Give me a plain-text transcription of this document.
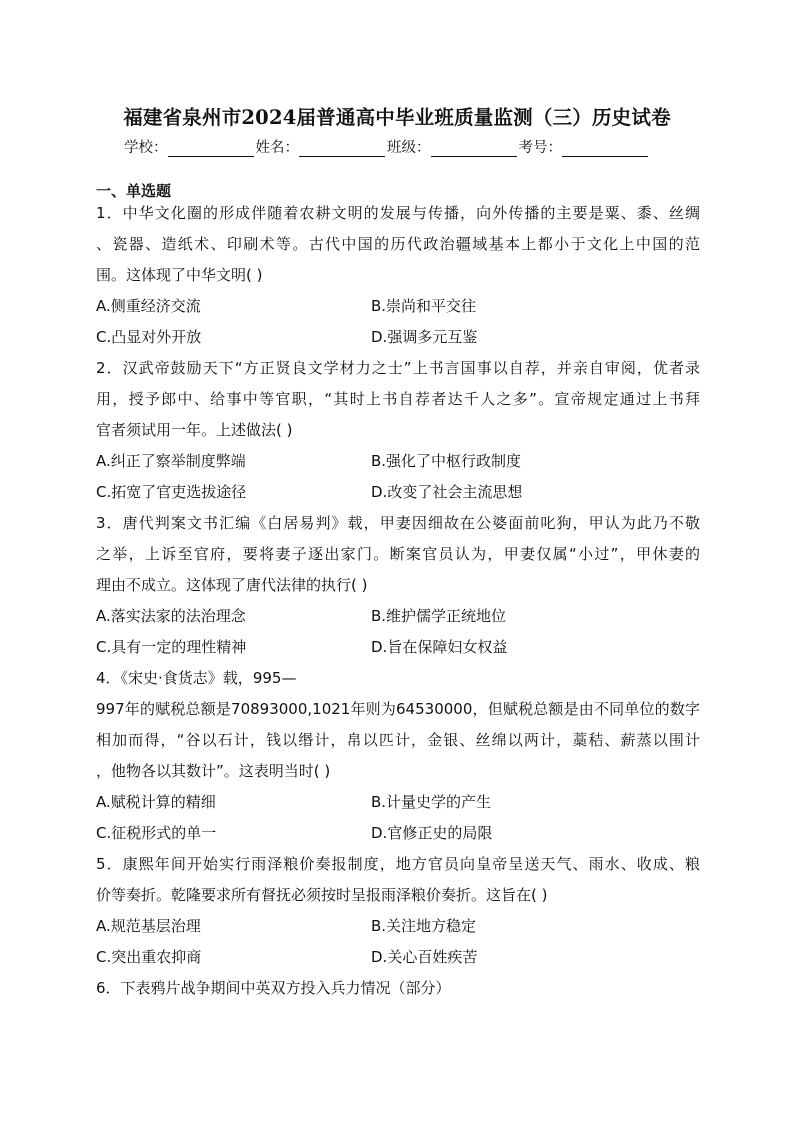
福建省泉州市2024届普通高中毕业班质量监测（三）历史试卷
学校：	姓名：	班级：	考号：
一、单选题
1．中华文化圈的形成伴随着农耕文明的发展与传播，向外传播的主要是粟、黍、丝绸
、瓷器、造纸术、印刷术等。古代中国的历代政治疆域基本上都小于文化上中国的范
围。这体现了中华文明( )
A.侧重经济交流	B.崇尚和平交往
C.凸显对外开放	D.强调多元互鉴
2．汉武帝鼓励天下“方正贤良文学材力之士”上书言国事以自荐，并亲自审阅，优者录
用，授予郎中、给事中等官职，“其时上书自荐者达千人之多”。宣帝规定通过上书拜
官者须试用一年。上述做法( )
A.纠正了察举制度弊端	B.强化了中枢行政制度
C.拓宽了官吏选拔途径	D.改变了社会主流思想
3．唐代判案文书汇编《白居易判》载，甲妻因细故在公婆面前叱狗，甲认为此乃不敬
之举，上诉至官府，要将妻子逐出家门。断案官员认为，甲妻仅属“小过”，甲休妻的
理由不成立。这体现了唐代法律的执行( )
A.落实法家的法治理念	B.维护儒学正统地位
C.具有一定的理性精神	D.旨在保障妇女权益
4．《宋史·食货志》载，995—
997年的赋税总额是70893000,1021年则为64530000，但赋税总额是由不同单位的数字
相加而得，“谷以石计，钱以缗计，帛以匹计，金银、丝绵以两计，藁秸、薪蒸以围计
，他物各以其数计”。这表明当时( )
A.赋税计算的精细	B.计量史学的产生
C.征税形式的单一	D.官修正史的局限
5．康熙年间开始实行雨泽粮价奏报制度，地方官员向皇帝呈送天气、雨水、收成、粮
价等奏折。乾隆要求所有督抚必须按时呈报雨泽粮价奏折。这旨在( )
A.规范基层治理	B.关注地方稳定
C.突出重农抑商	D.关心百姓疾苦
6．下表鸦片战争期间中英双方投入兵力情况（部分）
